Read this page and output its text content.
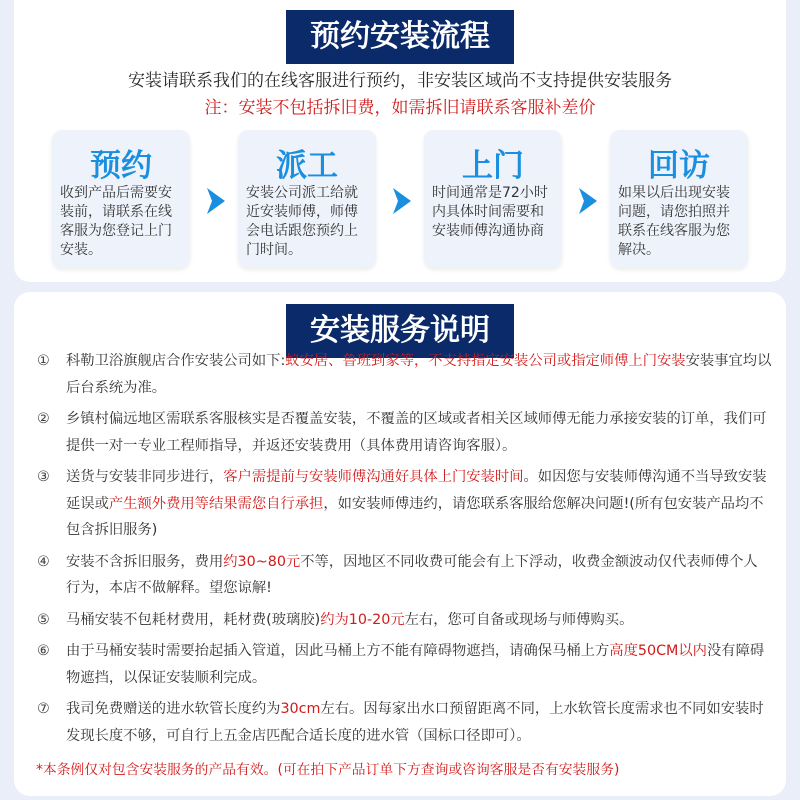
预约安装流程
安装请联系我们的在线客服进行预约，非安装区域尚不支持提供安装服务
注：安装不包括拆旧费，如需拆旧请联系客服补差价
预约
收到产品后需要安装前，请联系在线客服为您登记上门安装。
派工
安装公司派工给就近安装师傅，师傅会电话跟您预约上门时间。
上门
时间通常是72小时内具体时间需要和安装师傅沟通协商
回访
如果以后出现安装问题，请您拍照并联系在线客服为您解决。
安装服务说明
① 科勒卫浴旗舰店合作安装公司如下:蚁安居、鲁班到家等，不支持指定安装公司或指定师傅上门安装安装事宜均以后台系统为准。
② 乡镇村偏远地区需联系客服核实是否覆盖安装，不覆盖的区域或者相关区域师傅无能力承接安装的订单，我们可提供一对一专业工程师指导，并返还安装费用（具体费用请咨询客服）。
③ 送货与安装非同步进行，客户需提前与安装师傅沟通好具体上门安装时间。如因您与安装师傅沟通不当导致安装延误或产生额外费用等结果需您自行承担，如安装师傅违约，请您联系客服给您解决问题!(所有包安装产品均不包含拆旧服务)
④ 安装不含拆旧服务，费用约30~80元不等，因地区不同收费可能会有上下浮动，收费金额波动仅代表师傅个人行为，本店不做解释。望您谅解!
⑤ 马桶安装不包耗材费用，耗材费(玻璃胶)约为10-20元左右，您可自备或现场与师傅购买。
⑥ 由于马桶安装时需要抬起插入管道，因此马桶上方不能有障碍物遮挡，请确保马桶上方高度50CM以内没有障碍物遮挡，以保证安装顺利完成。
⑦ 我司免费赠送的进水软管长度约为30cm左右。因每家出水口预留距离不同，上水软管长度需求也不同如安装时发现长度不够，可自行上五金店匹配合适长度的进水管（国标口径即可）。
*本条例仅对包含安装服务的产品有效。(可在拍下产品订单下方查询或咨询客服是否有安装服务)
